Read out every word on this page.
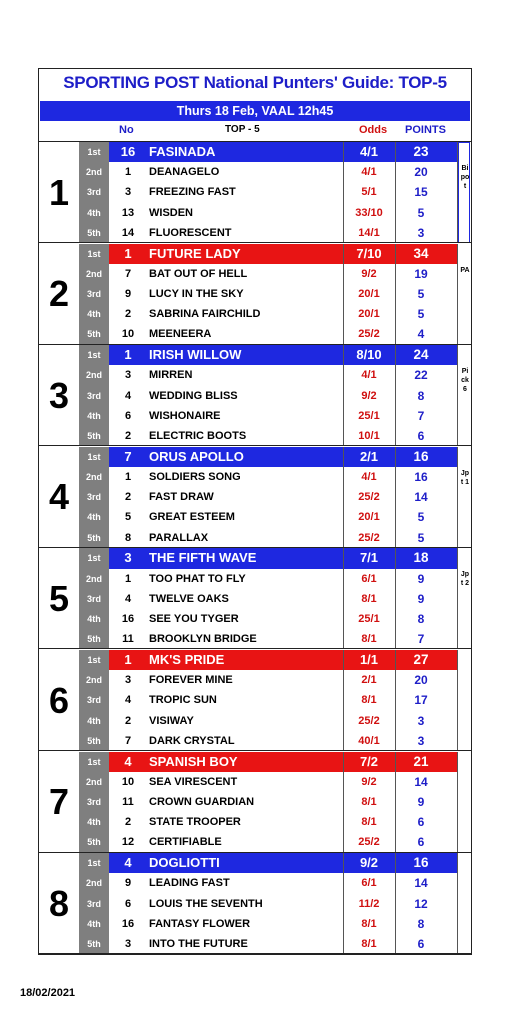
SPORTING POST National Punters' Guide: TOP-5
Thurs 18 Feb, VAAL 12h45
No	TOP - 5	Odds POINTS
1
1st	16	FASINADA	4/1	23
2nd	1	DEANAGELO	4/1	20
3rd	3	FREEZING FAST	5/1	15
4th	13	WISDEN	33/10	5
5th	14	FLUORESCENT	14/1	3
Bipot
2
1st	1	FUTURE LADY	7/10	34
2nd	7	BAT OUT OF HELL	9/2	19
3rd	9	LUCY IN THE SKY	20/1	5
4th	2	SABRINA FAIRCHILD	20/1	5
5th	10	MEENEERA	25/2	4
PA
3
1st	1	IRISH WILLOW	8/10	24
2nd	3	MIRREN	4/1	22
3rd	4	WEDDING BLISS	9/2	8
4th	6	WISHONAIRE	25/1	7
5th	2	ELECTRIC BOOTS	10/1	6
Pick 6
4
1st	7	ORUS APOLLO	2/1	16
2nd	1	SOLDIERS SONG	4/1	16
3rd	2	FAST DRAW	25/2	14
4th	5	GREAT ESTEEM	20/1	5
5th	8	PARALLAX	25/2	5
Jpt 1
5
1st	3	THE FIFTH WAVE	7/1	18
2nd	1	TOO PHAT TO FLY	6/1	9
3rd	4	TWELVE OAKS	8/1	9
4th	16	SEE YOU TYGER	25/1	8
5th	11	BROOKLYN BRIDGE	8/1	7
Jpt 2
6
1st	1	MK'S PRIDE	1/1	27
2nd	3	FOREVER MINE	2/1	20
3rd	4	TROPIC SUN	8/1	17
4th	2	VISIWAY	25/2	3
5th	7	DARK CRYSTAL	40/1	3
7
1st	4	SPANISH BOY	7/2	21
2nd	10	SEA VIRESCENT	9/2	14
3rd	11	CROWN GUARDIAN	8/1	9
4th	2	STATE TROOPER	8/1	6
5th	12	CERTIFIABLE	25/2	6
8
1st	4	DOGLIOTTI	9/2	16
2nd	9	LEADING FAST	6/1	14
3rd	6	LOUIS THE SEVENTH	11/2	12
4th	16	FANTASY FLOWER	8/1	8
5th	3	INTO THE FUTURE	8/1	6
18/02/2021
